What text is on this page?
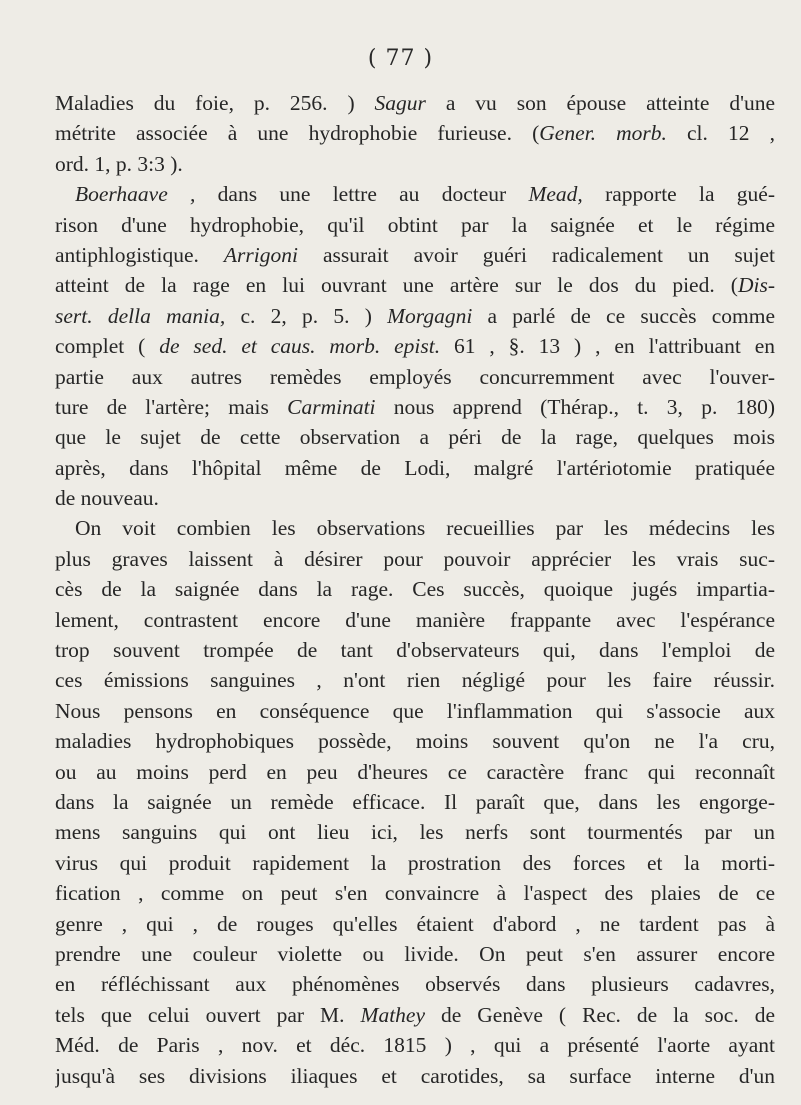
( 77 )
Maladies du foie, p. 256. ) Sagur a vu son épouse atteinte d'une
métrite associée à une hydrophobie furieuse. (Gener. morb. cl. 12 ,
ord. 1, p. 3:3 ).
Boerhaave , dans une lettre au docteur Mead, rapporte la gué-
rison d'une hydrophobie, qu'il obtint par la saignée et le régime
antiphlogistique. Arrigoni assurait avoir guéri radicalement un sujet
atteint de la rage en lui ouvrant une artère sur le dos du pied. (Dis-
sert. della mania, c. 2, p. 5. ) Morgagni a parlé de ce succès comme
complet ( de sed. et caus. morb. epist. 61 , §. 13 ) , en l'attribuant en
partie aux autres remèdes employés concurremment avec l'ouver-
ture de l'artère; mais Carminati nous apprend (Thérap., t. 3, p. 180)
que le sujet de cette observation a péri de la rage, quelques mois
après, dans l'hôpital même de Lodi, malgré l'artériotomie pratiquée
de nouveau.
On voit combien les observations recueillies par les médecins les
plus graves laissent à désirer pour pouvoir apprécier les vrais suc-
cès de la saignée dans la rage. Ces succès, quoique jugés impartia-
lement, contrastent encore d'une manière frappante avec l'espérance
trop souvent trompée de tant d'observateurs qui, dans l'emploi de
ces émissions sanguines , n'ont rien négligé pour les faire réussir.
Nous pensons en conséquence que l'inflammation qui s'associe aux
maladies hydrophobiques possède, moins souvent qu'on ne l'a cru,
ou au moins perd en peu d'heures ce caractère franc qui reconnaît
dans la saignée un remède efficace. Il paraît que, dans les engorge-
mens sanguins qui ont lieu ici, les nerfs sont tourmentés par un
virus qui produit rapidement la prostration des forces et la morti-
fication , comme on peut s'en convaincre à l'aspect des plaies de ce
genre , qui , de rouges qu'elles étaient d'abord , ne tardent pas à
prendre une couleur violette ou livide. On peut s'en assurer encore
en réfléchissant aux phénomènes observés dans plusieurs cadavres,
tels que celui ouvert par M. Mathey de Genève ( Rec. de la soc. de
Méd. de Paris , nov. et déc. 1815 ) , qui a présenté l'aorte ayant
jusqu'à ses divisions iliaques et carotides, sa surface interne d'un
